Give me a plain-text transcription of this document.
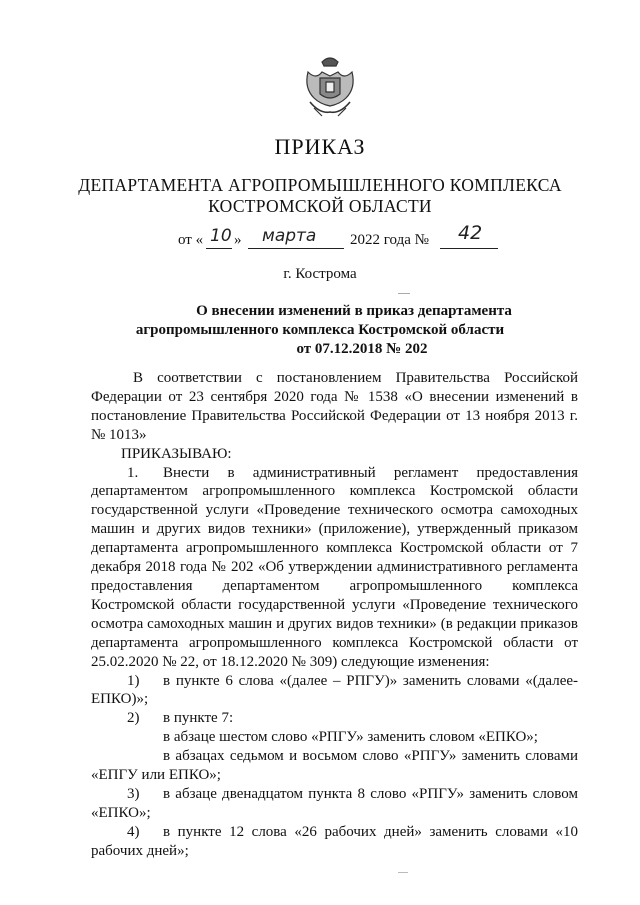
ПРИКАЗ
ДЕПАРТАМЕНТА АГРОПРОМЫШЛЕННОГО КОМПЛЕКСА
КОСТРОМСКОЙ ОБЛАСТИ
от « 10 » марта 2022 года № 42
г. Кострома
О внесении изменений в приказ департамента
агропромышленного комплекса Костромской области
от 07.12.2018 № 202

В соответствии с постановлением Правительства Российской Федерации от 23 сентября 2020 года № 1538 «О внесении изменений в постановление Правительства Российской Федерации от 13 ноября 2013 г. № 1013»

ПРИКАЗЫВАЮ:

1.	Внести в административный регламент предоставления департаментом агропромышленного комплекса Костромской области государственной услуги «Проведение технического осмотра самоходных машин и других видов техники» (приложение), утвержденный приказом департамента агропромышленного комплекса Костромской области от 7 декабря 2018 года № 202 «Об утверждении административного регламента предоставления департаментом агропромышленного комплекса Костромской области государственной услуги «Проведение технического осмотра самоходных машин и других видов техники» (в редакции приказов департамента агропромышленного комплекса Костромской области от 25.02.2020 № 22, от 18.12.2020 № 309) следующие изменения:
1)	в пункте 6 слова «(далее – РПГУ)» заменить словами «(далее-ЕПКО)»;
2)	в пункте 7:

в абзаце шестом слово «РПГУ» заменить словом «ЕПКО»;

в абзацах седьмом и восьмом слово «РПГУ» заменить словами «ЕПГУ или ЕПКО»;

3)	в абзаце двенадцатом пункта 8 слово «РПГУ» заменить словом «ЕПКО»;
4)	в пункте 12 слова «26 рабочих дней» заменить словами «10 рабочих дней»;
